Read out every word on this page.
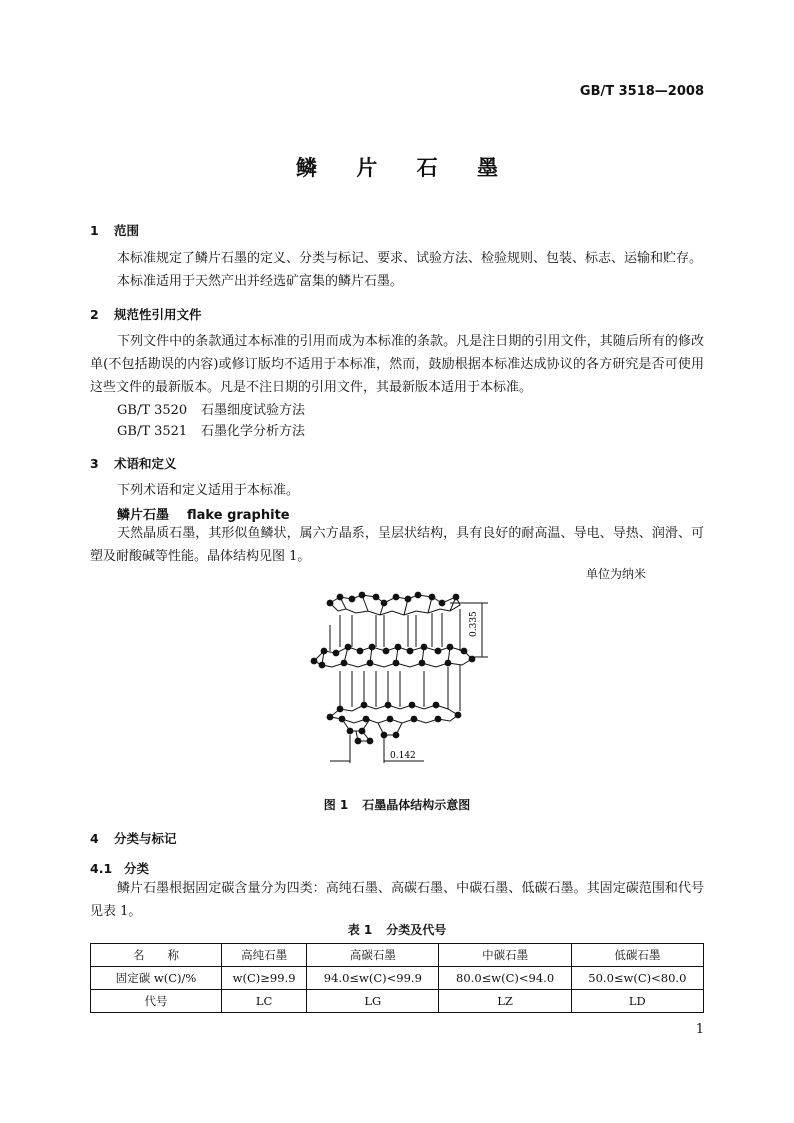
GB/T 3518—2008
鳞 片 石 墨
1 范围
本标准规定了鳞片石墨的定义、分类与标记、要求、试验方法、检验规则、包装、标志、运输和贮存。
本标准适用于天然产出并经选矿富集的鳞片石墨。
2 规范性引用文件
下列文件中的条款通过本标准的引用而成为本标准的条款。凡是注日期的引用文件，其随后所有的修改单(不包括勘误的内容)或修订版均不适用于本标准，然而，鼓励根据本标准达成协议的各方研究是否可使用这些文件的最新版本。凡是不注日期的引用文件，其最新版本适用于本标准。
GB/T 3520 石墨细度试验方法
GB/T 3521 石墨化学分析方法
3 术语和定义
下列术语和定义适用于本标准。
鳞片石墨 flake graphite
天然晶质石墨，其形似鱼鳞状，属六方晶系，呈层状结构，具有良好的耐高温、导电、导热、润滑、可塑及耐酸碱等性能。晶体结构见图 1。
单位为纳米
0.335
0.142
图 1 石墨晶体结构示意图
4 分类与标记
4.1 分类
鳞片石墨根据固定碳含量分为四类：高纯石墨、高碳石墨、中碳石墨、低碳石墨。其固定碳范围和代号见表 1。
表 1 分类及代号
名　　称	高纯石墨	高碳石墨	中碳石墨	低碳石墨
固定碳 w(C)/%	w(C)≥99.9	94.0≤w(C)<99.9	80.0≤w(C)<94.0	50.0≤w(C)<80.0
代号	LC	LG	LZ	LD
1
